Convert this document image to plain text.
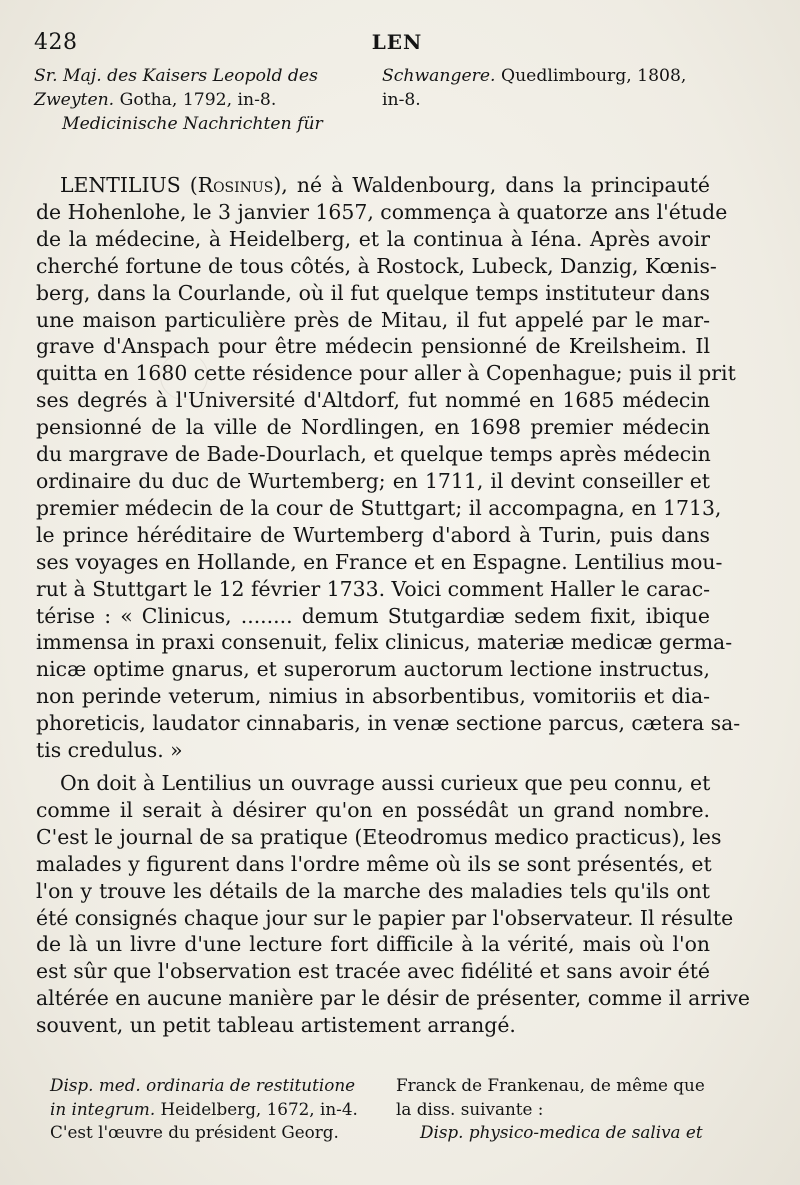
428	LEN
Sr. Maj. des Kaisers Leopold des
Zweyten. Gotha, 1792, in-8.
Medicinische Nachrichten für
Schwangere. Quedlimbourg, 1808,
in-8.
LENTILIUS (Rosinus), né à Waldenbourg, dans la principauté
de Hohenlohe, le 3 janvier 1657, commença à quatorze ans l'étude
de la médecine, à Heidelberg, et la continua à Iéna. Après avoir
cherché fortune de tous côtés, à Rostock, Lubeck, Danzig, Kœnis-
berg, dans la Courlande, où il fut quelque temps instituteur dans
une maison particulière près de Mitau, il fut appelé par le mar-
grave d'Anspach pour être médecin pensionné de Kreilsheim. Il
quitta en 1680 cette résidence pour aller à Copenhague; puis il prit
ses degrés à l'Université d'Altdorf, fut nommé en 1685 médecin
pensionné de la ville de Nordlingen, en 1698 premier médecin
du margrave de Bade-Dourlach, et quelque temps après médecin
ordinaire du duc de Wurtemberg; en 1711, il devint conseiller et
premier médecin de la cour de Stuttgart; il accompagna, en 1713,
le prince héréditaire de Wurtemberg d'abord à Turin, puis dans
ses voyages en Hollande, en France et en Espagne. Lentilius mou-
rut à Stuttgart le 12 février 1733. Voici comment Haller le carac-
térise : « Clinicus, ........ demum Stutgardiæ sedem fixit, ibique
immensa in praxi consenuit, felix clinicus, materiæ medicæ germa-
nicæ optime gnarus, et superorum auctorum lectione instructus,
non perinde veterum, nimius in absorbentibus, vomitoriis et dia-
phoreticis, laudator cinnabaris, in venæ sectione parcus, cætera sa-
tis credulus. »
On doit à Lentilius un ouvrage aussi curieux que peu connu, et
comme il serait à désirer qu'on en possédât un grand nombre.
C'est le journal de sa pratique (Eteodromus medico practicus), les
malades y figurent dans l'ordre même où ils se sont présentés, et
l'on y trouve les détails de la marche des maladies tels qu'ils ont
été consignés chaque jour sur le papier par l'observateur. Il résulte
de là un livre d'une lecture fort difficile à la vérité, mais où l'on
est sûr que l'observation est tracée avec fidélité et sans avoir été
altérée en aucune manière par le désir de présenter, comme il arrive
souvent, un petit tableau artistement arrangé.
Disp. med. ordinaria de restitutione
in integrum. Heidelberg, 1672, in-4.
C'est l'œuvre du président Georg.
Franck de Frankenau, de même que
la diss. suivante :
Disp. physico-medica de saliva et
